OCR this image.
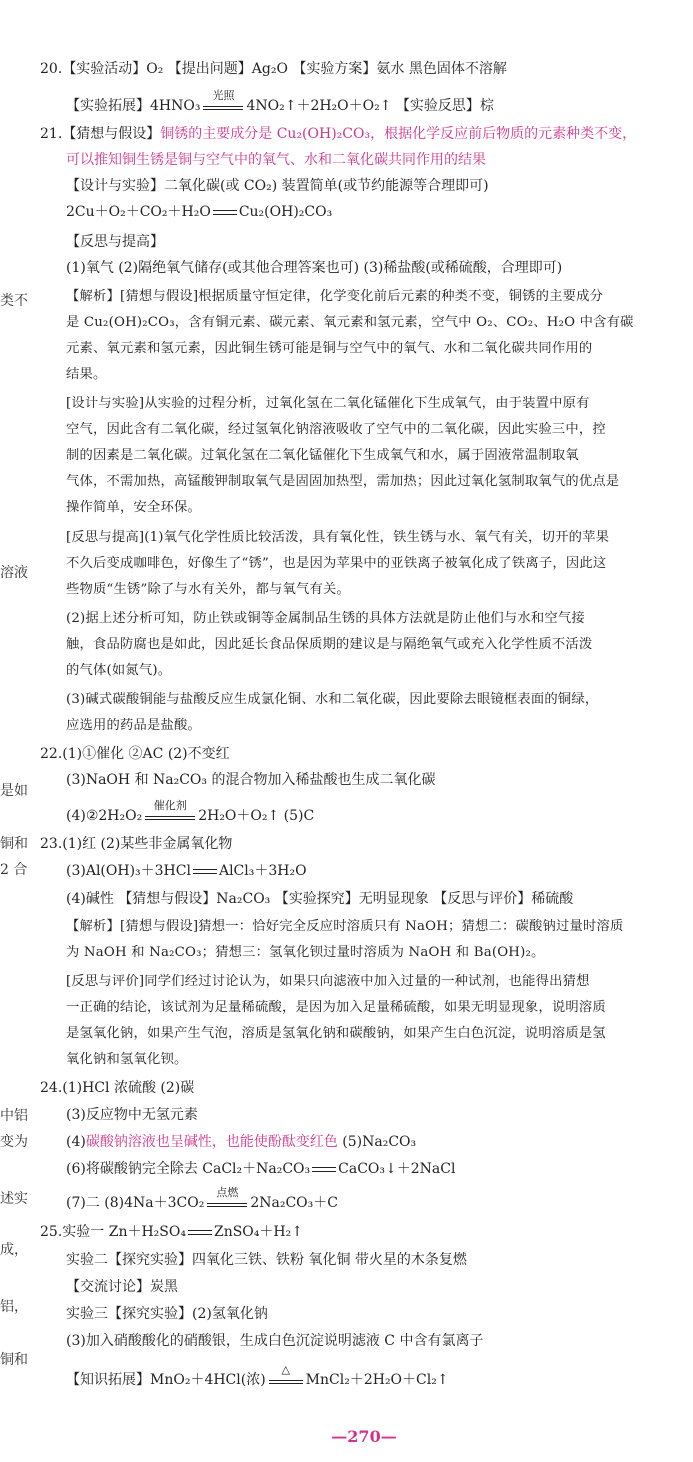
类不
溶液
是如
铜和
2 合
中铝
变为
述实
成，
铝，
铜和
20.【实验活动】O₂ 【提出问题】Ag₂O 【实验方案】氨水 黑色固体不溶解
【实验拓展】4HNO₃
光照
4NO₂↑＋2H₂O＋O₂↑ 【实验反思】棕
21.【猜想与假设】铜锈的主要成分是 Cu₂(OH)₂CO₃，根据化学反应前后物质的元素种类不变，
可以推知铜生锈是铜与空气中的氧气、水和二氧化碳共同作用的结果
【设计与实验】二氧化碳(或 CO₂) 装置简单(或节约能源等合理即可)
2Cu＋O₂＋CO₂＋H₂O Cu₂(OH)₂CO₃
【反思与提高】
(1)氧气 (2)隔绝氧气储存(或其他合理答案也可) (3)稀盐酸(或稀硫酸，合理即可)
【解析】[猜想与假设]根据质量守恒定律，化学变化前后元素的种类不变，铜锈的主要成分
是 Cu₂(OH)₂CO₃，含有铜元素、碳元素、氧元素和氢元素，空气中 O₂、CO₂、H₂O 中含有碳
元素、氧元素和氢元素，因此铜生锈可能是铜与空气中的氧气、水和二氧化碳共同作用的
结果。
[设计与实验]从实验的过程分析，过氧化氢在二氧化锰催化下生成氧气，由于装置中原有
空气，因此含有二氧化碳，经过氢氧化钠溶液吸收了空气中的二氧化碳，因此实验三中，控
制的因素是二氧化碳。过氧化氢在二氧化锰催化下生成氧气和水，属于固液常温制取氧
气体，不需加热，高锰酸钾制取氧气是固固加热型，需加热；因此过氧化氢制取氧气的优点是
操作简单，安全环保。
[反思与提高](1)氧气化学性质比较活泼，具有氧化性，铁生锈与水、氧气有关，切开的苹果
不久后变成咖啡色，好像生了“锈”，也是因为苹果中的亚铁离子被氧化成了铁离子，因此这
些物质“生锈”除了与水有关外，都与氧气有关。
(2)据上述分析可知，防止铁或铜等金属制品生锈的具体方法就是防止他们与水和空气接
触，食品防腐也是如此，因此延长食品保质期的建议是与隔绝氧气或充入化学性质不活泼
的气体(如氮气)。
(3)碱式碳酸铜能与盐酸反应生成氯化铜、水和二氧化碳，因此要除去眼镜框表面的铜绿，
应选用的药品是盐酸。
22.(1)①催化 ②AC (2)不变红
(3)NaOH 和 Na₂CO₃ 的混合物加入稀盐酸也生成二氧化碳
(4)②2H₂O₂
催化剂
2H₂O＋O₂↑ (5)C
23.(1)红 (2)某些非金属氧化物
(3)Al(OH)₃＋3HCl AlCl₃＋3H₂O
(4)碱性 【猜想与假设】Na₂CO₃ 【实验探究】无明显现象 【反思与评价】稀硫酸
【解析】[猜想与假设]猜想一：恰好完全反应时溶质只有 NaOH；猜想二：碳酸钠过量时溶质
为 NaOH 和 Na₂CO₃；猜想三：氢氧化钡过量时溶质为 NaOH 和 Ba(OH)₂。
[反思与评价]同学们经过讨论认为，如果只向滤液中加入过量的一种试剂，也能得出猜想
一正确的结论，该试剂为足量稀硫酸，是因为加入足量稀硫酸，如果无明显现象，说明溶质
是氢氧化钠，如果产生气泡，溶质是氢氧化钠和碳酸钠，如果产生白色沉淀，说明溶质是氢
氧化钠和氢氧化钡。
24.(1)HCl 浓硫酸 (2)碳
(3)反应物中无氢元素
(4)碳酸钠溶液也呈碱性，也能使酚酞变红色 (5)Na₂CO₃
(6)将碳酸钠完全除去 CaCl₂＋Na₂CO₃ CaCO₃↓＋2NaCl
(7)二 (8)4Na＋3CO₂
点燃
2Na₂CO₃＋C
25.实验一 Zn＋H₂SO₄ ZnSO₄＋H₂↑
实验二【探究实验】四氧化三铁、铁粉 氧化铜 带火星的木条复燃
【交流讨论】炭黑
实验三【探究实验】(2)氢氧化钠
(3)加入硝酸酸化的硝酸银，生成白色沉淀说明滤液 C 中含有氯离子
【知识拓展】MnO₂＋4HCl(浓)
△
MnCl₂＋2H₂O＋Cl₂↑
—270—
